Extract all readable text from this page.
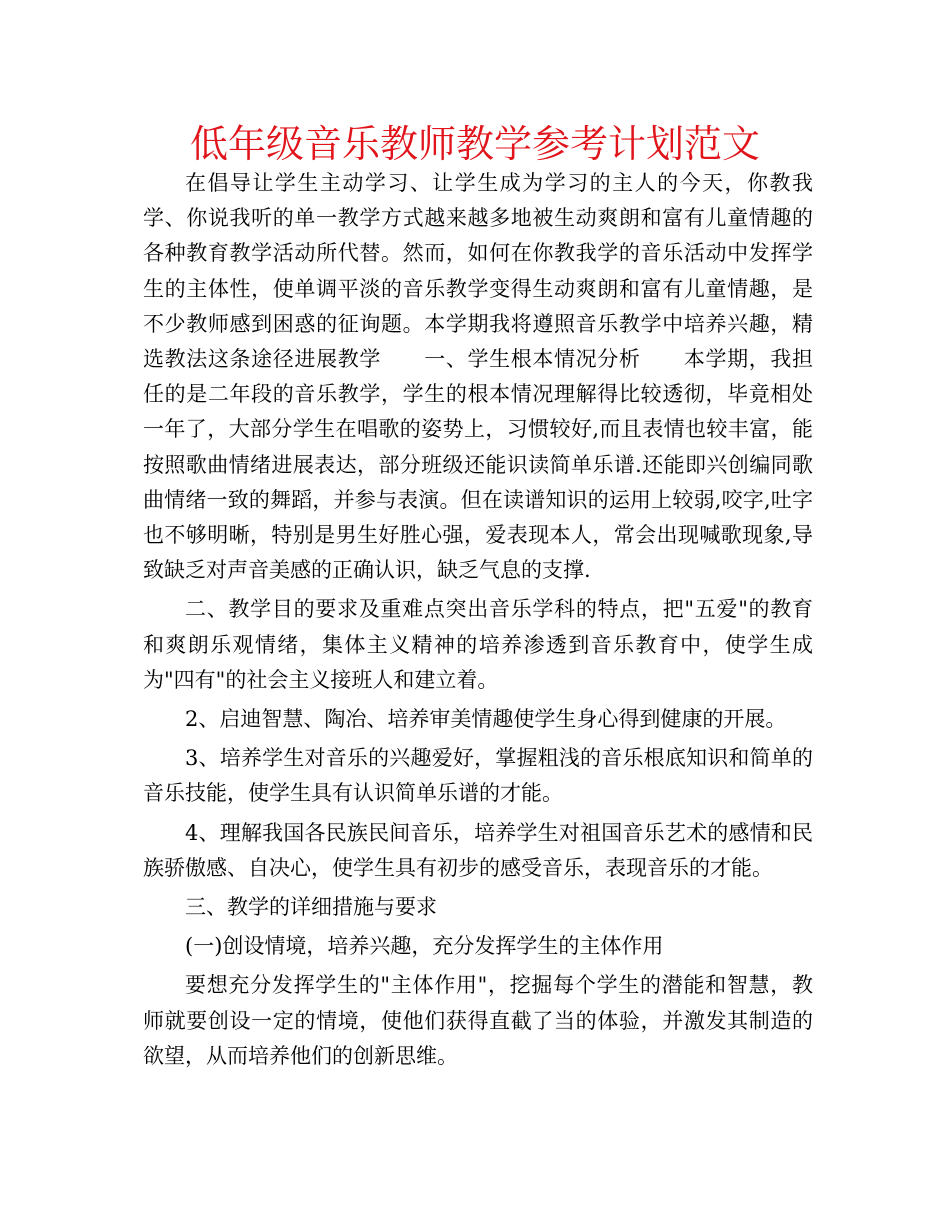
低年级音乐教师教学参考计划范文

在倡导让学生主动学习、让学生成为学习的主人的今天，你教我学、你说我听的单一教学方式越来越多地被生动爽朗和富有儿童情趣的各种教育教学活动所代替。然而，如何在你教我学的音乐活动中发挥学生的主体性，使单调平淡的音乐教学变得生动爽朗和富有儿童情趣，是不少教师感到困惑的征询题。本学期我将遵照音乐教学中培养兴趣，精选教法这条途径进展教学　　一、学生根本情况分析　　本学期，我担任的是二年段的音乐教学，学生的根本情况理解得比较透彻，毕竟相处一年了，大部分学生在唱歌的姿势上，习惯较好,而且表情也较丰富，能按照歌曲情绪进展表达，部分班级还能识读简单乐谱.还能即兴创编同歌曲情绪一致的舞蹈，并参与表演。但在读谱知识的运用上较弱,咬字,吐字也不够明晰，特别是男生好胜心强，爱表现本人，常会出现喊歌现象,导致缺乏对声音美感的正确认识，缺乏气息的支撑.

二、教学目的要求及重难点突出音乐学科的特点，把"五爱"的教育和爽朗乐观情绪，集体主义精神的培养渗透到音乐教育中，使学生成为"四有"的社会主义接班人和建立着。

2、启迪智慧、陶冶、培养审美情趣使学生身心得到健康的开展。

3、培养学生对音乐的兴趣爱好，掌握粗浅的音乐根底知识和简单的音乐技能，使学生具有认识简单乐谱的才能。

4、理解我国各民族民间音乐，培养学生对祖国音乐艺术的感情和民族骄傲感、自决心，使学生具有初步的感受音乐，表现音乐的才能。

三、教学的详细措施与要求

(一)创设情境，培养兴趣，充分发挥学生的主体作用

要想充分发挥学生的"主体作用"，挖掘每个学生的潜能和智慧，教师就要创设一定的情境，使他们获得直截了当的体验，并激发其制造的欲望，从而培养他们的创新思维。
